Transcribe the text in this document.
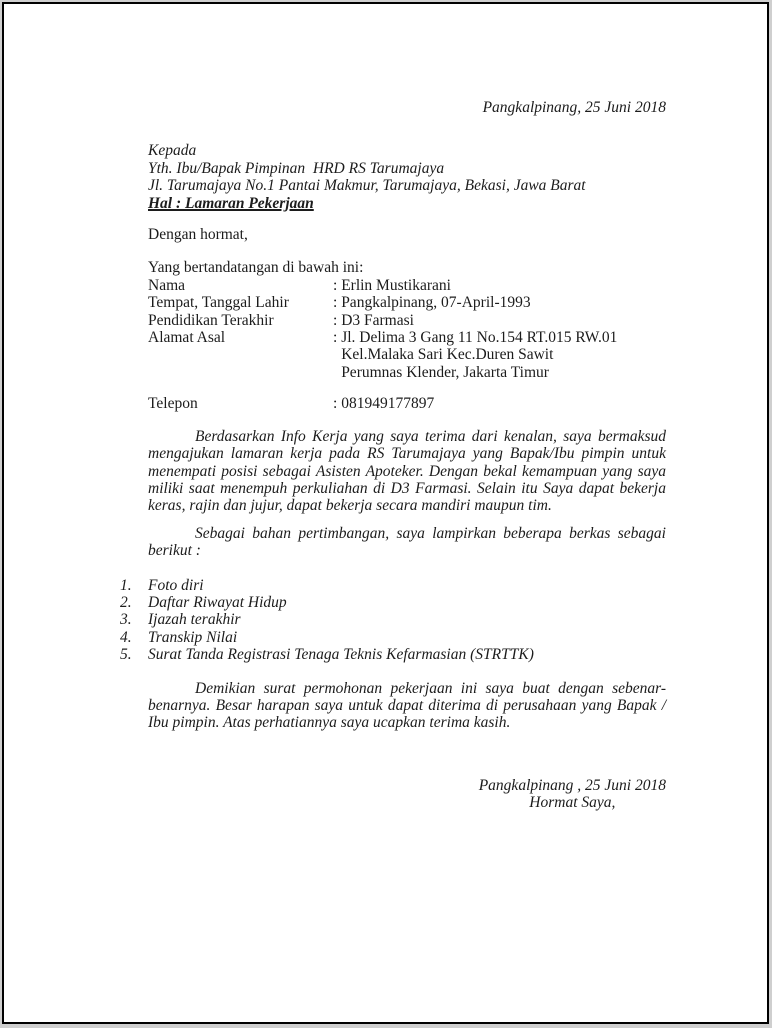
Pangkalpinang, 25 Juni 2018
Kepada
Yth. Ibu/Bapak Pimpinan  HRD RS Tarumajaya
Jl. Tarumajaya No.1 Pantai Makmur, Tarumajaya, Bekasi, Jawa Barat
Hal : Lamaran Pekerjaan
Dengan hormat,
Yang bertandatangan di bawah ini:
Nama	: Erlin Mustikarani
Tempat, Tanggal Lahir	: Pangkalpinang, 07-April-1993
Pendidikan Terakhir	: D3 Farmasi
Alamat Asal	: Jl. Delima 3 Gang 11 No.154 RT.015 RW.01
Kel.Malaka Sari Kec.Duren Sawit
Perumnas Klender, Jakarta Timur
Telepon	: 081949177897
Berdasarkan Info Kerja yang saya terima dari kenalan, saya bermaksud mengajukan lamaran kerja pada RS Tarumajaya yang Bapak/Ibu pimpin untuk menempati posisi sebagai Asisten Apoteker. Dengan bekal kemampuan yang saya miliki saat menempuh perkuliahan di D3 Farmasi. Selain itu Saya dapat bekerja keras, rajin dan jujur, dapat bekerja secara mandiri maupun tim.
Sebagai bahan pertimbangan, saya lampirkan beberapa berkas sebagai berikut :
1.	Foto diri
2.	Daftar Riwayat Hidup
3.	Ijazah terakhir
4.	Transkip Nilai
5.	Surat Tanda Registrasi Tenaga Teknis Kefarmasian (STRTTK)
Demikian surat permohonan pekerjaan ini saya buat dengan sebenar-benarnya. Besar harapan saya untuk dapat diterima di perusahaan yang Bapak / Ibu pimpin. Atas perhatiannya saya ucapkan terima kasih.
Pangkalpinang , 25 Juni 2018
Hormat Saya,
